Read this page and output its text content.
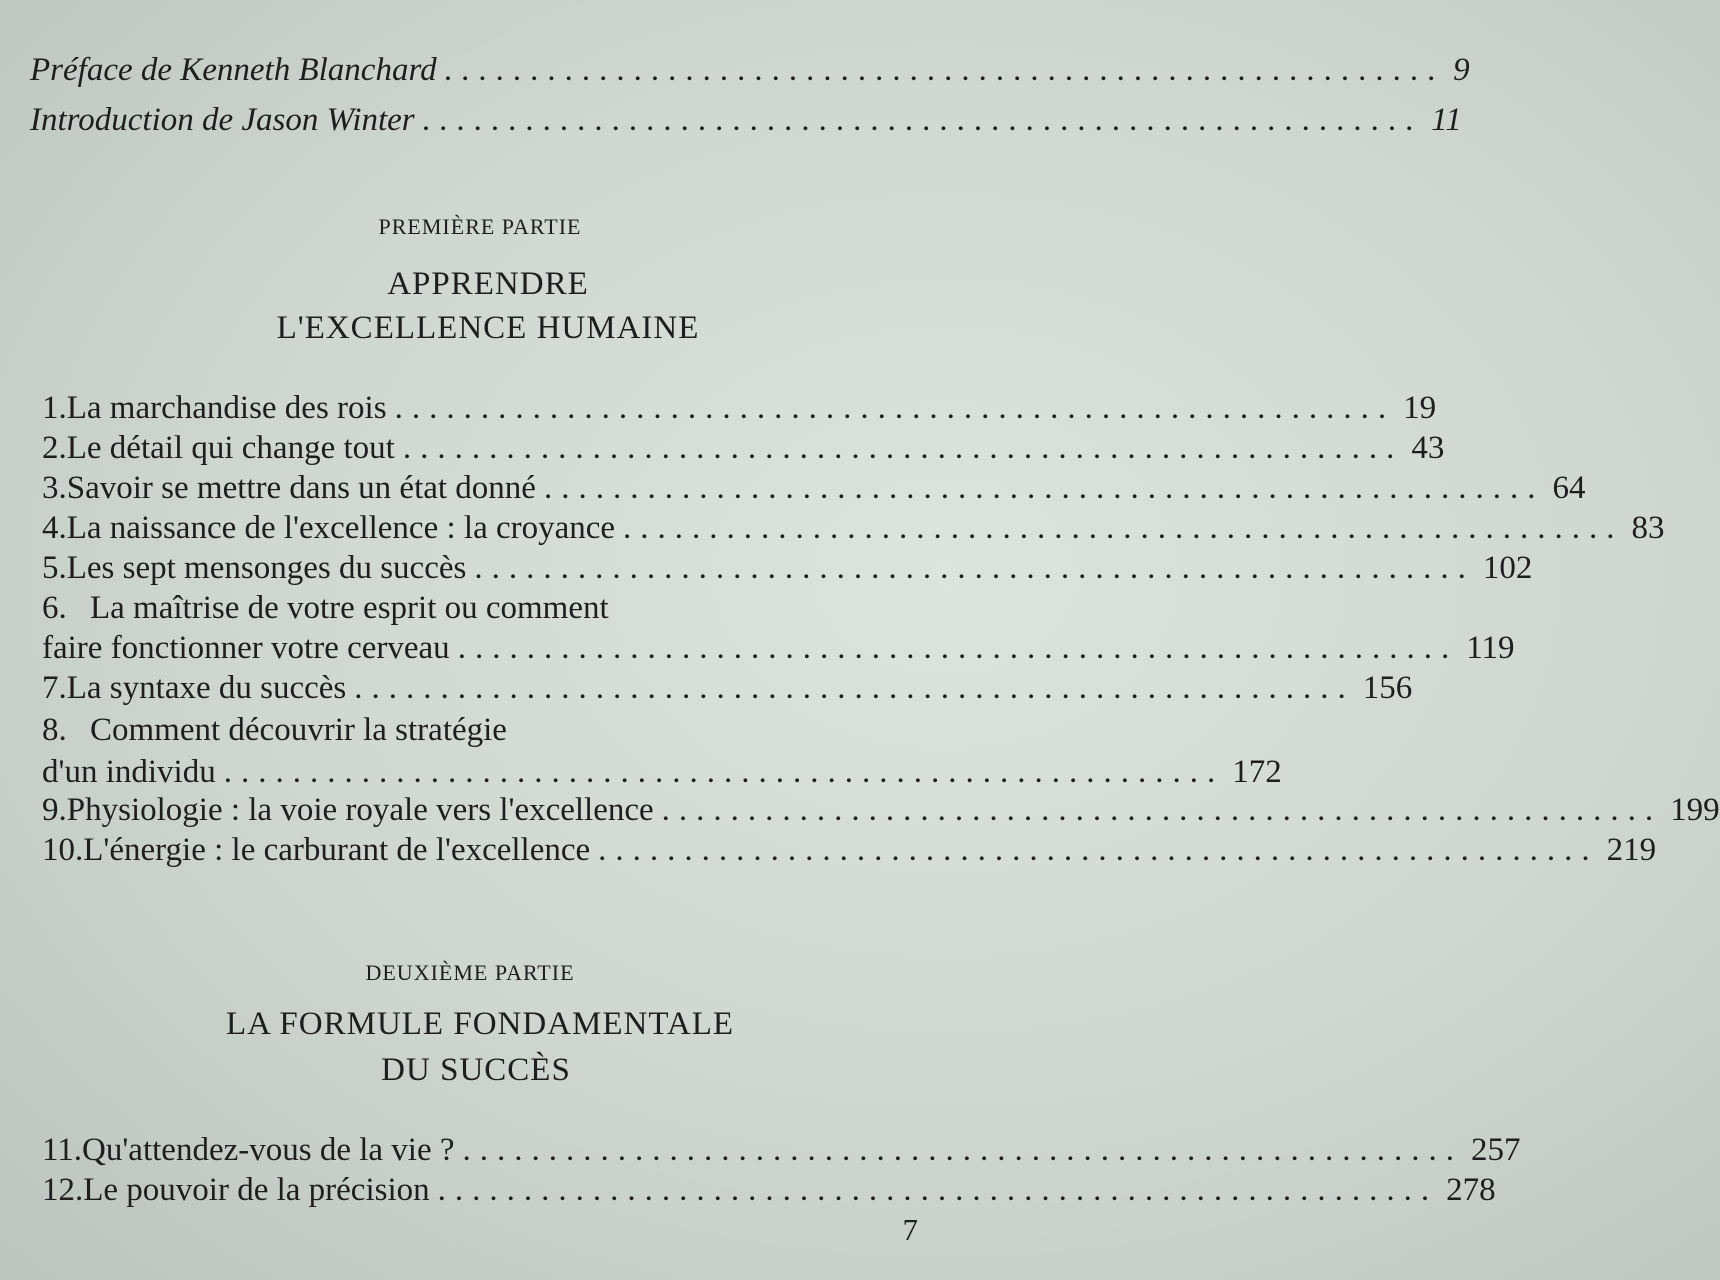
Préface de Kenneth Blanchard .......................................................... 9
Introduction de Jason Winter .......................................................... 11
PREMIÈRE PARTIE
APPRENDRE
L'EXCELLENCE HUMAINE
1. La marchandise des rois .......................................................... 19
2. Le détail qui change tout .......................................................... 43
3. Savoir se mettre dans un état donné .......................................................... 64
4. La naissance de l'excellence : la croyance .......................................................... 83
5. Les sept mensonges du succès .......................................................... 102
6. La maîtrise de votre esprit ou comment
faire fonctionner votre cerveau .......................................................... 119
7. La syntaxe du succès .......................................................... 156
8. Comment découvrir la stratégie
d'un individu .......................................................... 172
9. Physiologie : la voie royale vers l'excellence .......................................................... 199
10. L'énergie : le carburant de l'excellence .......................................................... 219
DEUXIÈME PARTIE
LA FORMULE FONDAMENTALE
DU SUCCÈS
11. Qu'attendez-vous de la vie ? .......................................................... 257
12. Le pouvoir de la précision .......................................................... 278
7
